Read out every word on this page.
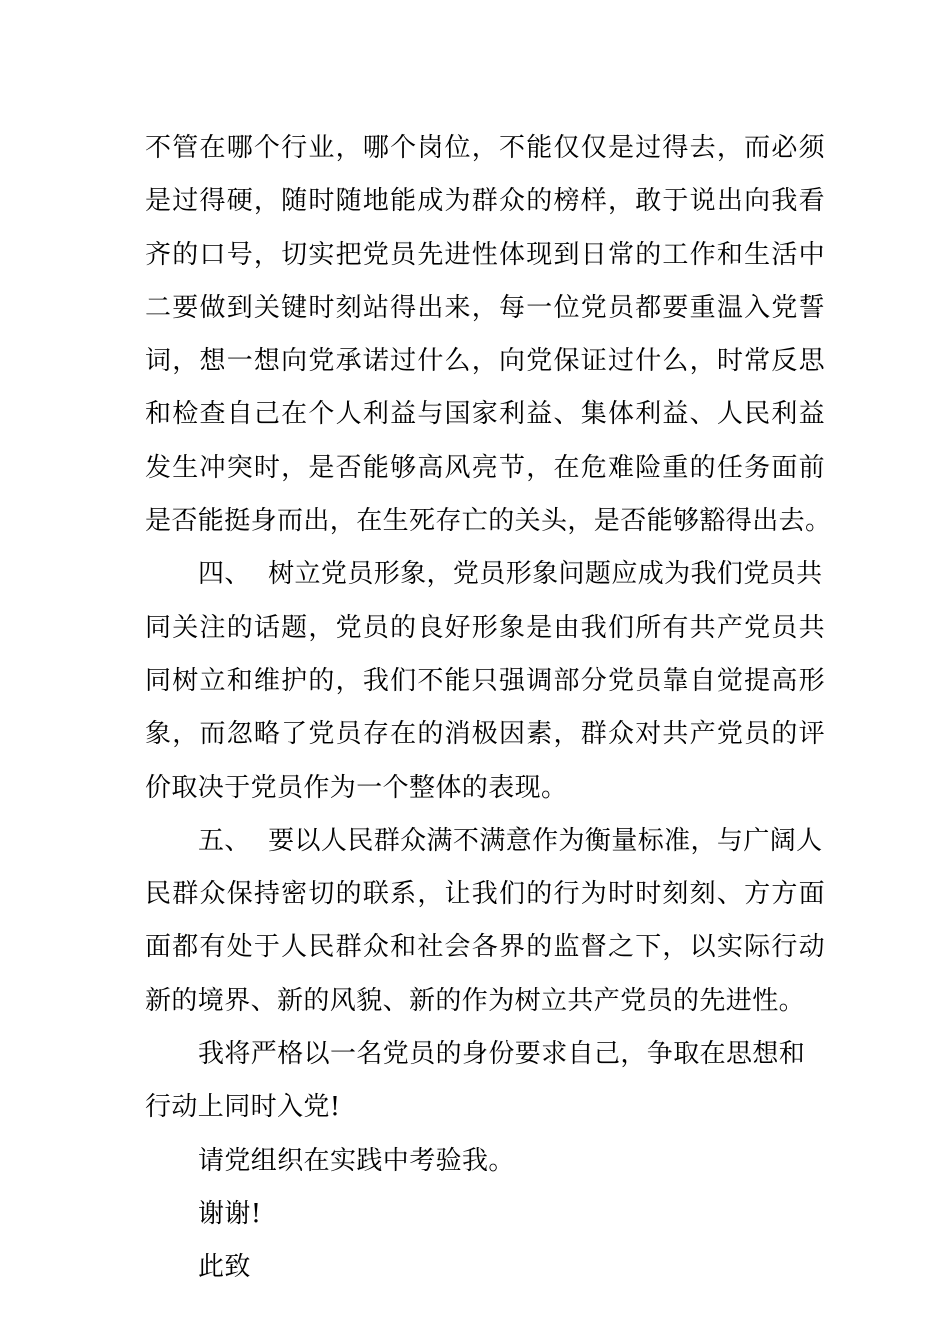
不管在哪个行业，哪个岗位，不能仅仅是过得去，而必须
是过得硬，随时随地能成为群众的榜样，敢于说出向我看
齐的口号，切实把党员先进性体现到日常的工作和生活中
二要做到关键时刻站得出来，每一位党员都要重温入党誓
词，想一想向党承诺过什么，向党保证过什么，时常反思
和检查自己在个人利益与国家利益、集体利益、人民利益
发生冲突时，是否能够高风亮节，在危难险重的任务面前
是否能挺身而出，在生死存亡的关头，是否能够豁得出去。
四、  树立党员形象，党员形象问题应成为我们党员共
同关注的话题，党员的良好形象是由我们所有共产党员共
同树立和维护的，我们不能只强调部分党员靠自觉提高形
象，而忽略了党员存在的消极因素，群众对共产党员的评
价取决于党员作为一个整体的表现。
五、  要以人民群众满不满意作为衡量标准，与广阔人
民群众保持密切的联系，让我们的行为时时刻刻、方方面
面都有处于人民群众和社会各界的监督之下，以实际行动
新的境界、新的风貌、新的作为树立共产党员的先进性。
我将严格以一名党员的身份要求自己，争取在思想和
行动上同时入党!
请党组织在实践中考验我。
谢谢!
此致
